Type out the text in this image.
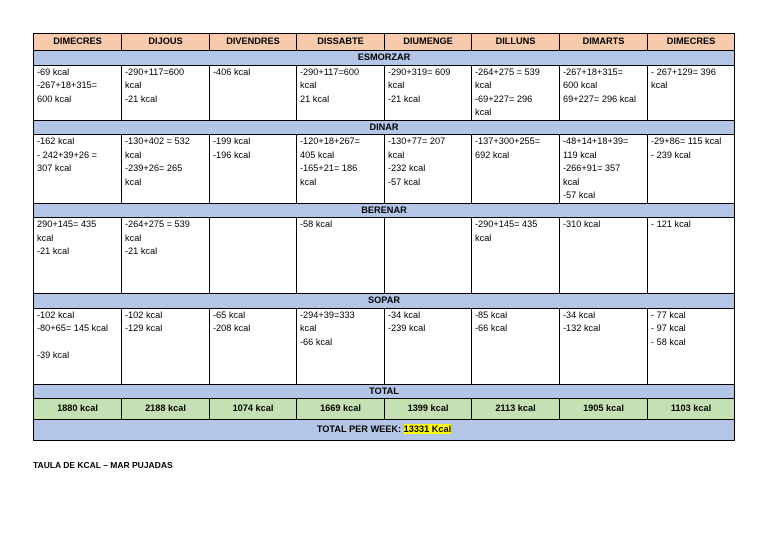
DIMECRES	DIJOUS	DIVENDRES	DISSABTE	DIUMENGE	DILLUNS	DIMARTS	DIMECRES
ESMORZAR							

-69 kcal
-267+18+315=
600 kcal	-290+117=600
kcal
-21 kcal	-406 kcal	-290+117=600
kcal
21 kcal	-290+319= 609
kcal
-21 kcal	-264+275 = 539
kcal
-69+227= 296
kcal	-267+18+315=
600 kcal
69+227= 296 kcal	- 267+129= 396
kcal

DINAR							

-162 kcal
- 242+39+26 =
307 kcal	-130+402 = 532
kcal
-239+26= 265
kcal	-199 kcal
-196 kcal	-120+18+267=
405 kcal
-165+21= 186
kcal	-130+77= 207
kcal
-232 kcal
-57 kcal	-137+300+255=
692 kcal	-48+14+18+39=
119 kcal
-266+91= 357
kcal
-57 kcal	-29+86= 115 kcal
- 239 kcal

BERENAR							

290+145= 435
kcal
-21 kcal	-264+275 = 539
kcal
-21 kcal		-58 kcal		-290+145= 435
kcal	-310 kcal	- 121 kcal

SOPAR							

-102 kcal
-80+65= 145 kcal
-39 kcal	-102 kcal
-129 kcal	-65 kcal
-208 kcal	-294+39=333
kcal
-66 kcal	-34 kcal
-239 kcal	-85 kcal
-66 kcal	-34 kcal
-132 kcal	- 77 kcal
- 97 kcal
- 58 kcal

TOTAL							
1880 kcal	2188 kcal	1074 kcal	1669 kcal	1399 kcal	2113 kcal	1905 kcal	1103 kcal
TOTAL PER WEEK: 13331 Kcal							
TAULA DE KCAL – MAR PUJADAS
